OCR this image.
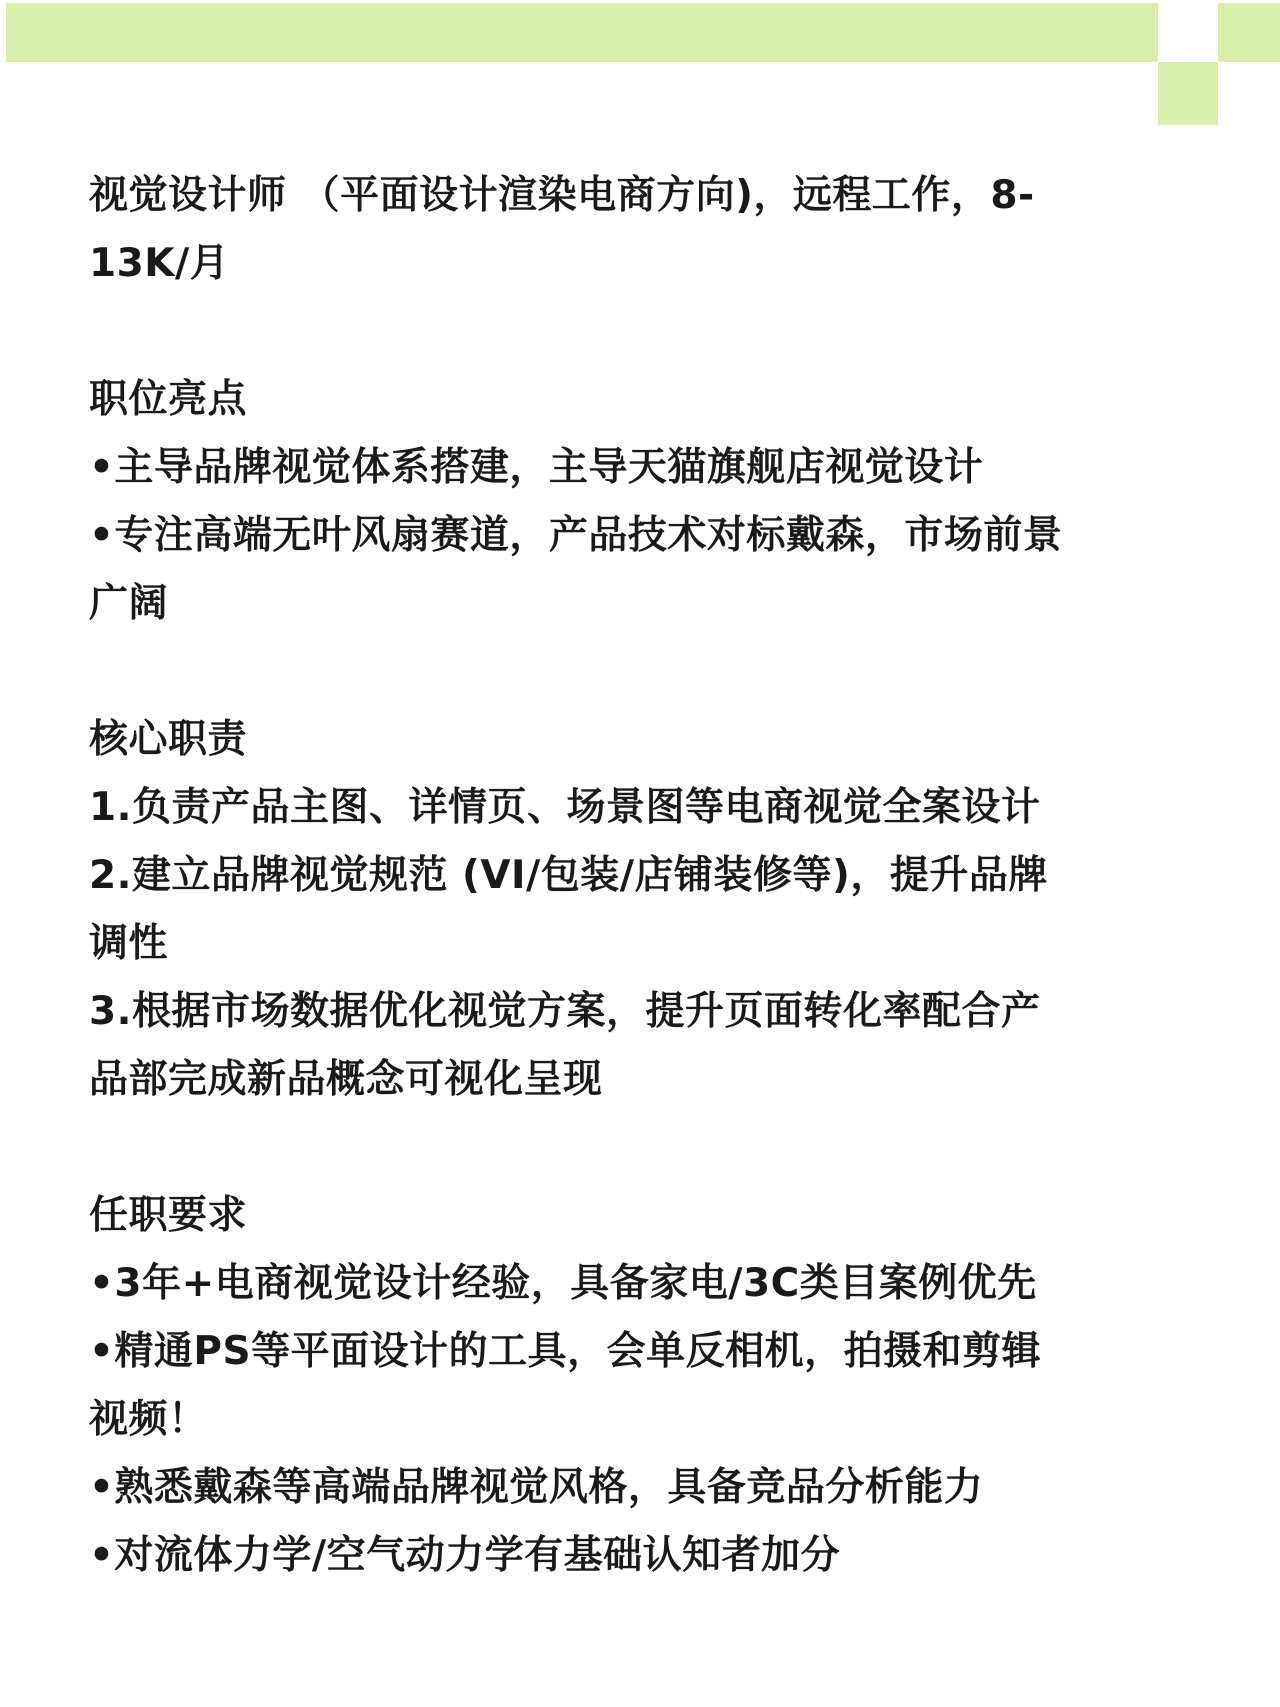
视觉设计师 （平面设计渲染电商方向)，远程工作，8-
13K/月
职位亮点
•主导品牌视觉体系搭建，主导天猫旗舰店视觉设计
•专注高端无叶风扇赛道，产品技术对标戴森，市场前景
广阔
核心职责
1.负责产品主图、详情页、场景图等电商视觉全案设计
2.建立品牌视觉规范 (VI/包装/店铺装修等)，提升品牌
调性
3.根据市场数据优化视觉方案，提升页面转化率配合产
品部完成新品概念可视化呈现
任职要求
•3年+电商视觉设计经验，具备家电/3C类目案例优先
•精通PS等平面设计的工具，会单反相机，拍摄和剪辑
视频！
•熟悉戴森等高端品牌视觉风格，具备竞品分析能力
•对流体力学/空气动力学有基础认知者加分
